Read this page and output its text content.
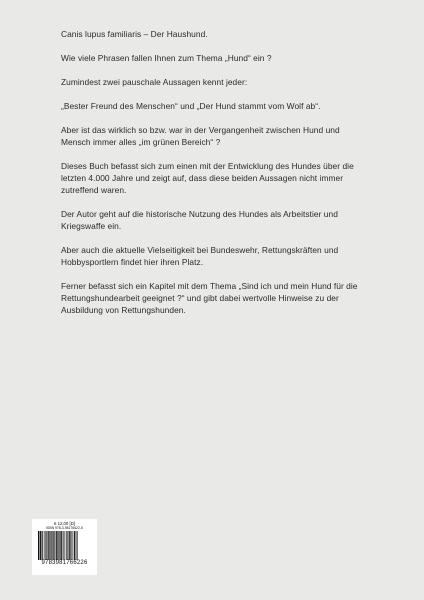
Canis lupus familiaris – Der Haushund.

Wie viele Phrasen fallen Ihnen zum Thema „Hund“ ein ?

Zumindest zwei pauschale Aussagen kennt jeder:

„Bester Freund des Menschen“ und „Der Hund stammt vom Wolf ab“.

Aber ist das wirklich so bzw. war in der Vergangenheit zwischen Hund und Mensch immer alles „im grünen Bereich“ ?

Dieses Buch befasst sich zum einen mit der Entwicklung des Hundes über die letzten 4.000 Jahre und zeigt auf, dass diese beiden Aussagen nicht immer zutreffend waren.

Der Autor geht auf die historische Nutzung des Hundes als Arbeitstier und Kriegswaffe ein.

Aber auch die aktuelle Vielseitigkeit bei Bundeswehr, Rettungskräften und Hobbysportlern findet hier ihren Platz.

Ferner befasst sich ein Kapitel mit dem Thema „Sind ich und mein Hund für die Rettungshundearbeit geeignet ?“ und gibt dabei wertvolle Hinweise zu der Ausbildung von Rettungshunden.

€ 12,00 [D]
ISBN 978-3-98176622-6
9783981766226
